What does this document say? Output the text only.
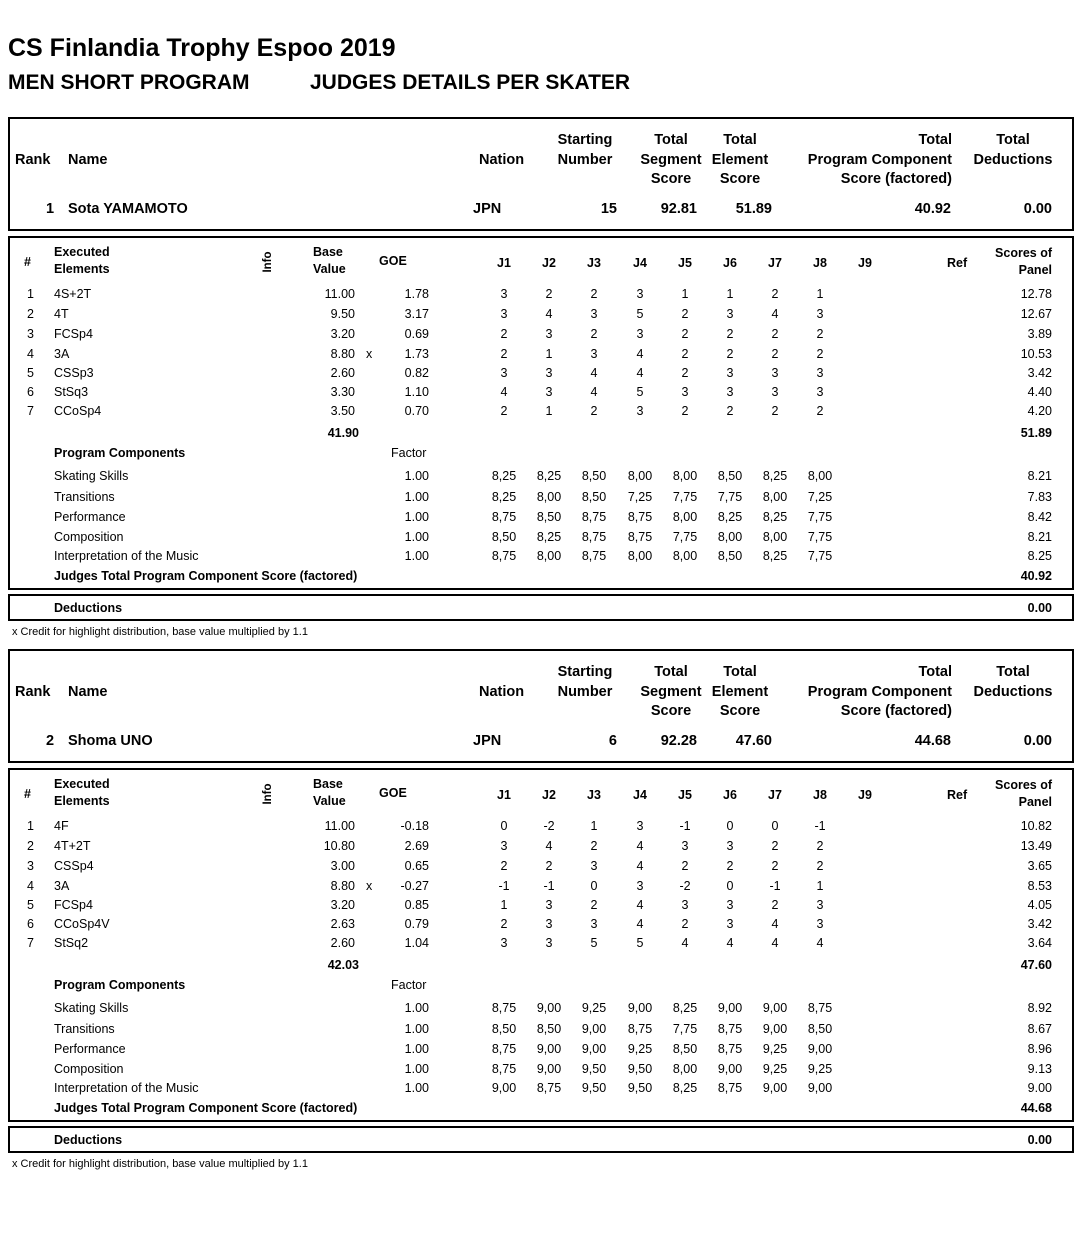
CS Finlandia Trophy Espoo 2019
MEN SHORT PROGRAM	JUDGES DETAILS PER SKATER
Rank Name	Nation
Starting
Number
Total
Segment
Score
Total
Element
Score
Total
Program Component
Score (factored)
Total
Deductions
1 Sota YAMAMOTO	JPN	15	92.81	51.89	40.92	0.00
#
Executed
Elements	Info	Base
Value
GOE	J1	J2	J3	J4	J5	J6	J7	J8	J9	Ref
Scores of
Panel
1 4S+2T	11.00	1.78	3	2	2	3	1	1	2	1	12.78
2 4T	9.50	3.17	3	4	3	5	2	3	4	3	12.67
3 FCSp4	3.20	0.69	2	3	2	3	2	2	2	2	3.89
4 3A	8.80 x	1.73	2	1	3	4	2	2	2	2	10.53
5 CSSp3	2.60	0.82	3	3	4	4	2	3	3	3	3.42
6 StSq3	3.30	1.10	4	3	4	5	3	3	3	3	4.40
7 CCoSp4	3.50	0.70	2	1	2	3	2	2	2	2	4.20
41.90	51.89
Program Components	Factor
Skating Skills	1.00	8,25	8,25	8,50	8,00	8,00	8,50	8,25	8,00	8.21
Transitions	1.00	8,25	8,00	8,50	7,25	7,75	7,75	8,00	7,25	7.83
Performance	1.00	8,75	8,50	8,75	8,75	8,00	8,25	8,25	7,75	8.42
Composition	1.00	8,50	8,25	8,75	8,75	7,75	8,00	8,00	7,75	8.21
Interpretation of the Music	1.00	8,75	8,00	8,75	8,00	8,00	8,50	8,25	7,75	8.25
Judges Total Program Component Score (factored)	40.92
Deductions	0.00
x Credit for highlight distribution, base value multiplied by 1.1
Rank Name	Nation
Starting
Number
Total
Segment
Score
Total
Element
Score
Total
Program Component
Score (factored)
Total
Deductions
2 Shoma UNO	JPN	6	92.28	47.60	44.68	0.00
#
Executed
Elements	Info	Base
Value
GOE	J1	J2	J3	J4	J5	J6	J7	J8	J9	Ref
Scores of
Panel
1 4F	11.00	-0.18	0	-2	1	3	-1	0	0	-1	10.82
2 4T+2T	10.80	2.69	3	4	2	4	3	3	2	2	13.49
3 CSSp4	3.00	0.65	2	2	3	4	2	2	2	2	3.65
4 3A	8.80 x	-0.27	-1	-1	0	3	-2	0	-1	1	8.53
5 FCSp4	3.20	0.85	1	3	2	4	3	3	2	3	4.05
6 CCoSp4V	2.63	0.79	2	3	3	4	2	3	4	3	3.42
7 StSq2	2.60	1.04	3	3	5	5	4	4	4	4	3.64
42.03	47.60
Program Components	Factor
Skating Skills	1.00	8,75	9,00	9,25	9,00	8,25	9,00	9,00	8,75	8.92
Transitions	1.00	8,50	8,50	9,00	8,75	7,75	8,75	9,00	8,50	8.67
Performance	1.00	8,75	9,00	9,00	9,25	8,50	8,75	9,25	9,00	8.96
Composition	1.00	8,75	9,00	9,50	9,50	8,00	9,00	9,25	9,25	9.13
Interpretation of the Music	1.00	9,00	8,75	9,50	9,50	8,25	8,75	9,00	9,00	9.00
Judges Total Program Component Score (factored)	44.68
Deductions	0.00
x Credit for highlight distribution, base value multiplied by 1.1
